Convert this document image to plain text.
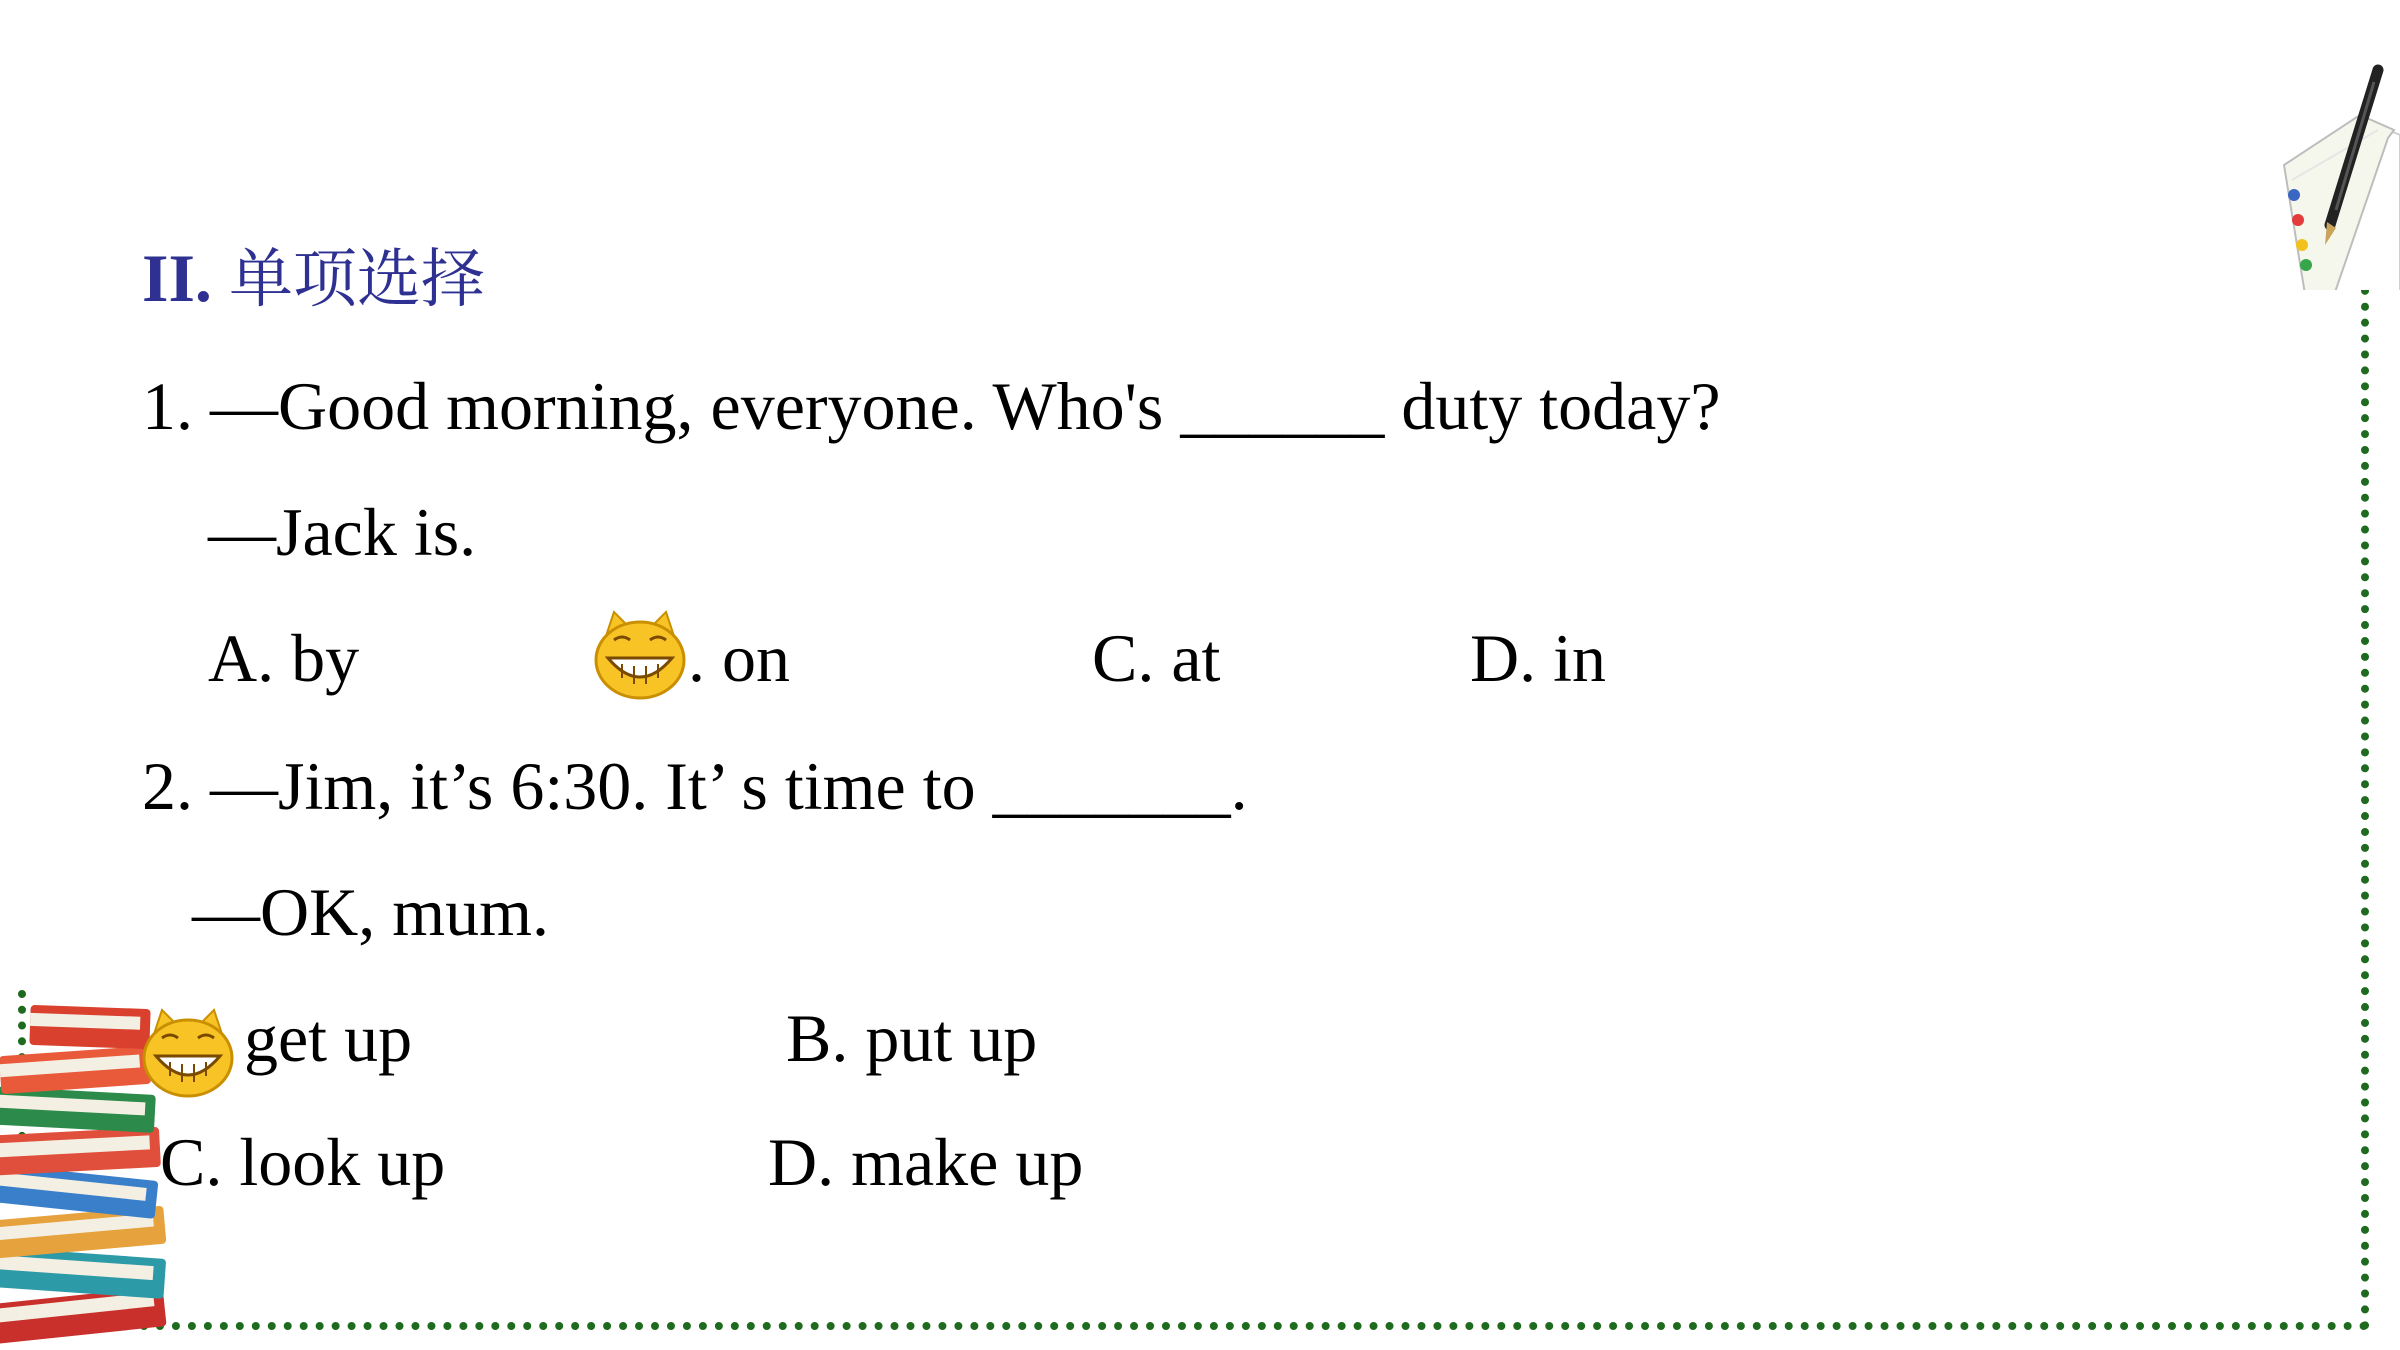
II. 单项选择
1. —Good morning, everyone. Who's ______ duty today?
—Jack is.
A. by	. on	C. at	D. in
2. —Jim, it’s 6:30. It’ s time to _______.
—OK, mum.
get up	B. put up
C. look up	D. make up
